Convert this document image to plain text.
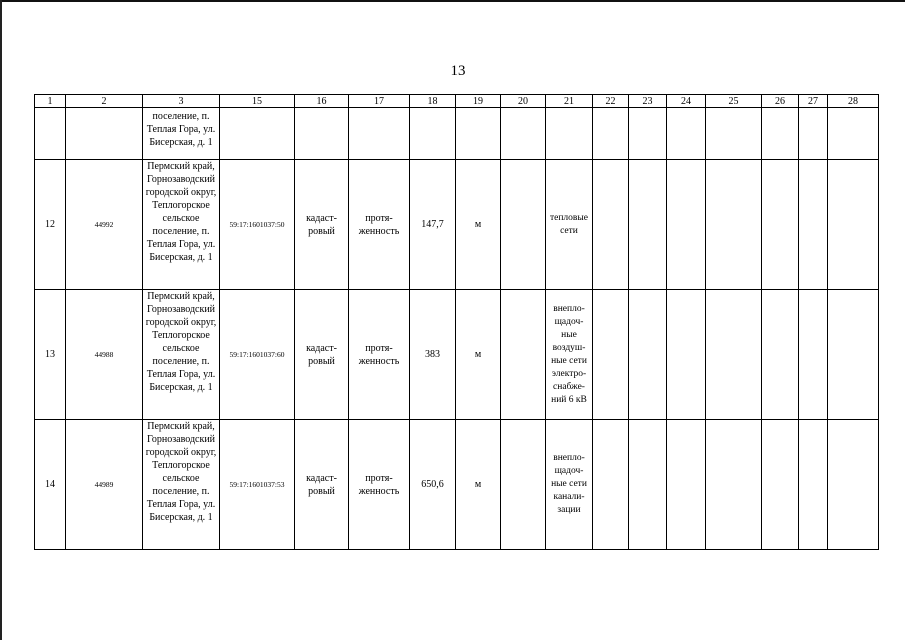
13
1	2	3	15	16	17	18	19	20	21	22	23	24	25	26	27	28

		поселение, п. Теплая Гора, ул. Бисерская, д. 1														

12	44992	Пермский край, Горнозаводский городской округ, Теплогорское сельское поселение, п. Теплая Гора, ул. Бисерская, д. 1	59:17:1601037:50	кадаст-ровый	протя-женность	147,7	м		тепловые сети							
13	44988	Пермский край, Горнозаводский городской округ, Теплогорское сельское поселение, п. Теплая Гора, ул. Бисерская, д. 1	59:17:1601037:60	кадаст-ровый	протя-женность	383	м		внепло-щадоч-ные воздуш-ные сети электро-снабже-ний 6 кВ							
14	44989	Пермский край, Горнозаводский городской округ, Теплогорское сельское поселение, п. Теплая Гора, ул. Бисерская, д. 1	59:17:1601037:53	кадаст-ровый	протя-женность	650,6	м		внепло-щадоч-ные сети канали-зации							
